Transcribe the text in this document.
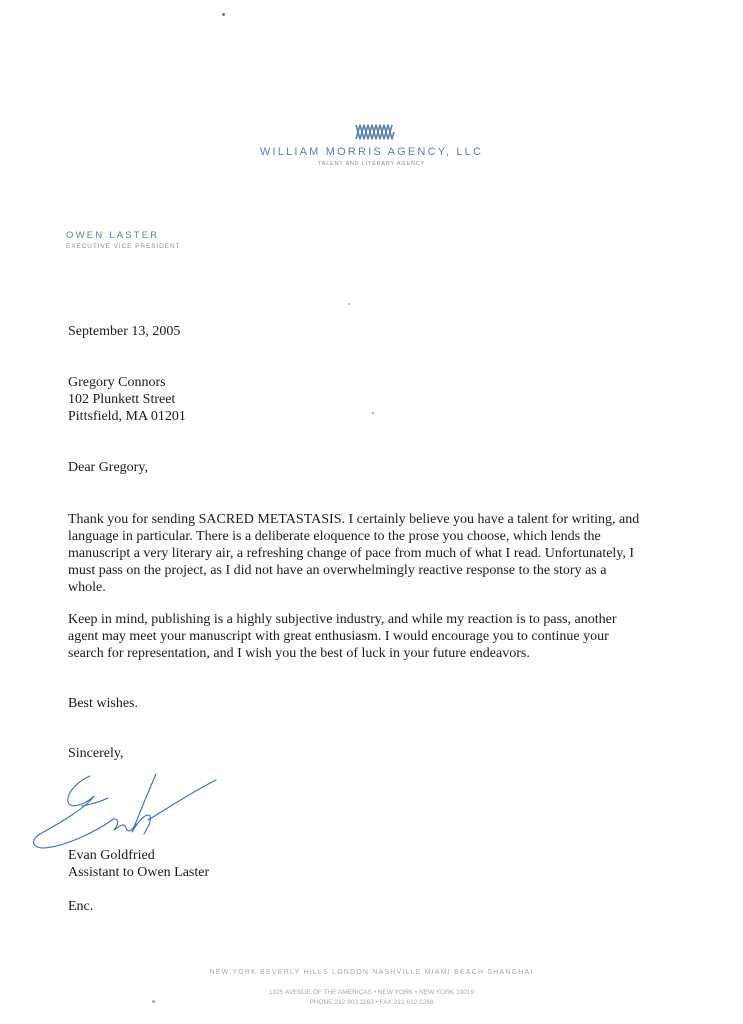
WILLIAM MORRIS AGENCY, LLC
TALENT AND LITERARY AGENCY
OWEN LASTER
EXECUTIVE VICE PRESIDENT
September 13, 2005
Gregory Connors
102 Plunkett Street
Pittsfield, MA 01201
Dear Gregory,
Thank you for sending SACRED METASTASIS. I certainly believe you have a talent for writing, and
language in particular. There is a deliberate eloquence to the prose you choose, which lends the
manuscript a very literary air, a refreshing change of pace from much of what I read. Unfortunately, I
must pass on the project, as I did not have an overwhelmingly reactive response to the story as a
whole.
Keep in mind, publishing is a highly subjective industry, and while my reaction is to pass, another
agent may meet your manuscript with great enthusiasm. I would encourage you to continue your
search for representation, and I wish you the best of luck in your future endeavors.
Best wishes.
Sincerely,
Evan Goldfried
Assistant to Owen Laster
Enc.
NEW YORK BEVERLY HILLS LONDON NASHVILLE MIAMI BEACH SHANGHAI
1325 AVENUE OF THE AMERICAS • NEW YORK • NEW YORK 10019
PHONE 212 903 1163 • FAX 212 632 1268
